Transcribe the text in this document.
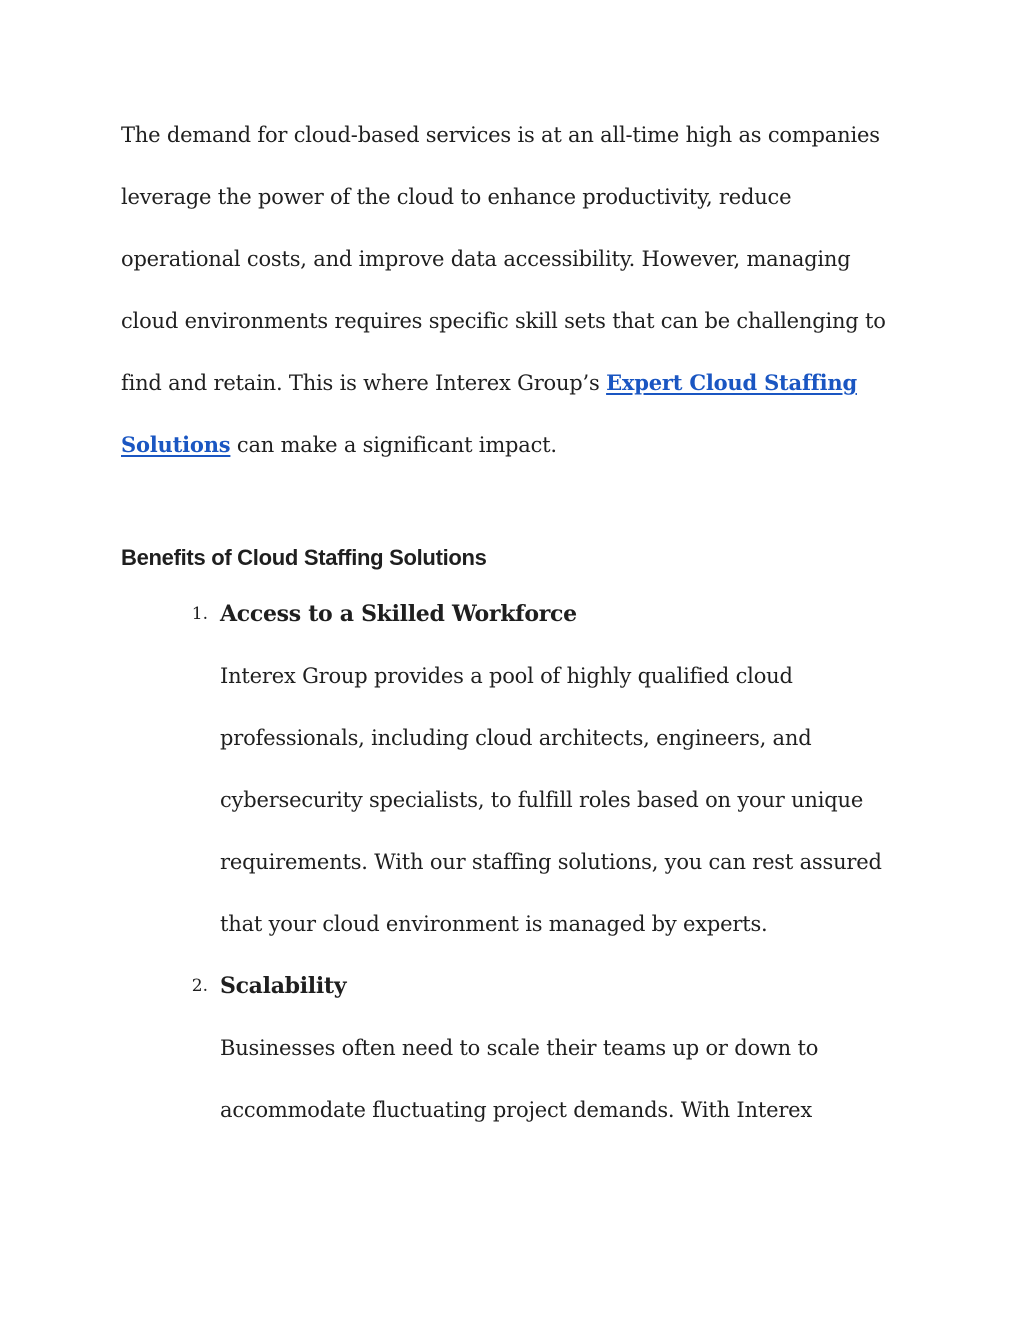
The demand for cloud-based services is at an all-time high as companies leverage the power of the cloud to enhance productivity, reduce operational costs, and improve data accessibility. However, managing cloud environments requires specific skill sets that can be challenging to find and retain. This is where Interex Group’s Expert Cloud Staffing Solutions can make a significant impact.

Benefits of Cloud Staffing Solutions
1. Access to a Skilled Workforce

Interex Group provides a pool of highly qualified cloud professionals, including cloud architects, engineers, and cybersecurity specialists, to fulfill roles based on your unique requirements. With our staffing solutions, you can rest assured that your cloud environment is managed by experts.

2. Scalability

Businesses often need to scale their teams up or down to accommodate fluctuating project demands. With Interex
